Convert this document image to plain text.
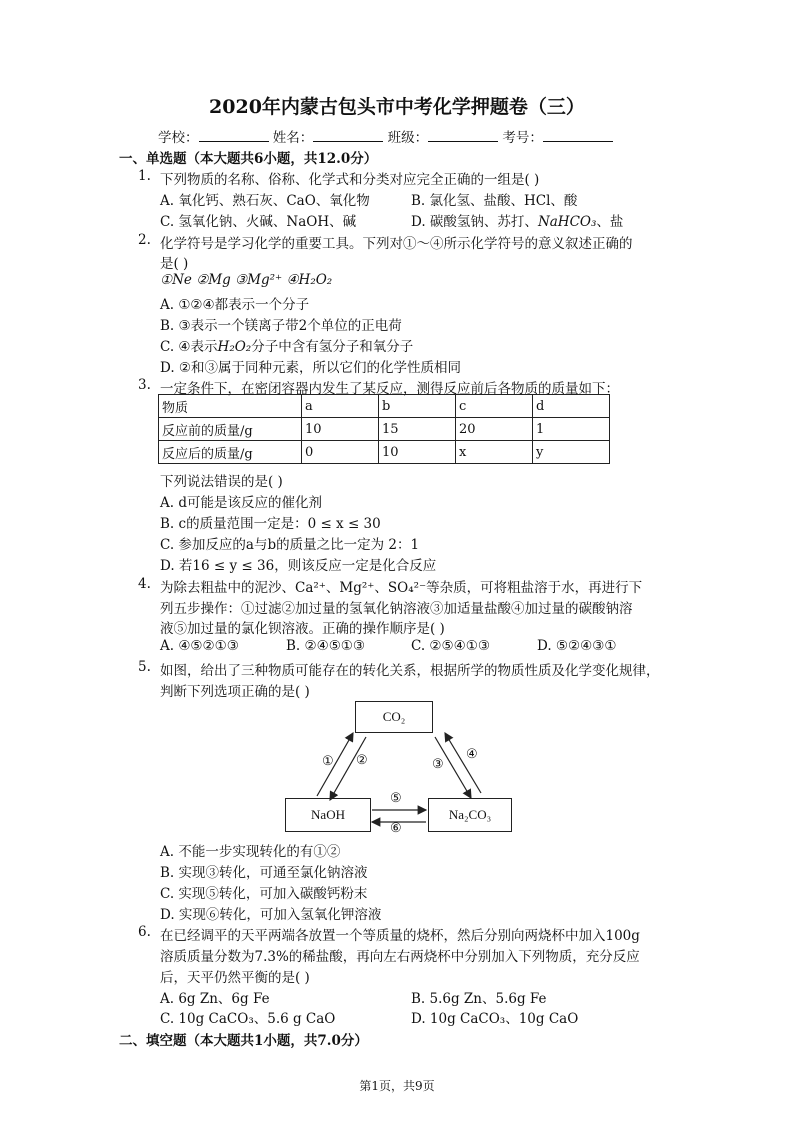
2020年内蒙古包头市中考化学押题卷（三）
学校：	姓名：	班级：	考号：
一、单选题（本大题共6小题，共12.0分）
1. 下列物质的名称、俗称、化学式和分类对应完全正确的一组是( )
A. 氧化钙、熟石灰、CaO、氧化物	B. 氯化氢、盐酸、HCl、酸
C. 氢氧化钠、火碱、NaOH、碱	D. 碳酸氢钠、苏打、NaHCO₃、盐
2. 化学符号是学习化学的重要工具。下列对①～④所示化学符号的意义叙述正确的
是( )
①Ne ②Mg ③Mg²⁺ ④H₂O₂
A. ①②④都表示一个分子
B. ③表示一个镁离子带2个单位的正电荷
C. ④表示H₂O₂分子中含有氢分子和氧分子
D. ②和③属于同种元素，所以它们的化学性质相同
3. 一定条件下，在密闭容器内发生了某反应，测得反应前后各物质的质量如下：
物质	a	b	c	d
反应前的质量/g	10	15	20	1
反应后的质量/g	0	10	x	y
下列说法错误的是( )
A. d可能是该反应的催化剂
B. c的质量范围一定是：0 ≤ x ≤ 30
C. 参加反应的a与b的质量之比一定为 2：1
D. 若16 ≤ y ≤ 36，则该反应一定是化合反应
4. 为除去粗盐中的泥沙、Ca²⁺、Mg²⁺、SO₄²⁻等杂质，可将粗盐溶于水，再进行下
列五步操作：①过滤②加过量的氢氧化钠溶液③加适量盐酸④加过量的碳酸钠溶
液⑤加过量的氯化钡溶液。正确的操作顺序是( )
A. ④⑤②①③	B. ②④⑤①③	C. ②⑤④①③	D. ⑤②④③①
5. 如图，给出了三种物质可能存在的转化关系，根据所学的物质性质及化学变化规律，
判断下列选项正确的是( )
CO₂
NaOH	Na₂CO₃
① ②	③
④
⑤
⑥
A. 不能一步实现转化的有①②
B. 实现③转化，可通至氯化钠溶液
C. 实现⑤转化，可加入碳酸钙粉末
D. 实现⑥转化，可加入氢氧化钾溶液
6. 在已经调平的天平两端各放置一个等质量的烧杯，然后分别向两烧杯中加入100g
溶质质量分数为7.3%的稀盐酸，再向左右两烧杯中分别加入下列物质，充分反应
后，天平仍然平衡的是( )
A. 6g Zn、6g Fe	B. 5.6g Zn、5.6g Fe
C. 10g CaCO₃、5.6 g CaO	D. 10g CaCO₃、10g CaO
二、填空题（本大题共1小题，共7.0分）
第1页，共9页
